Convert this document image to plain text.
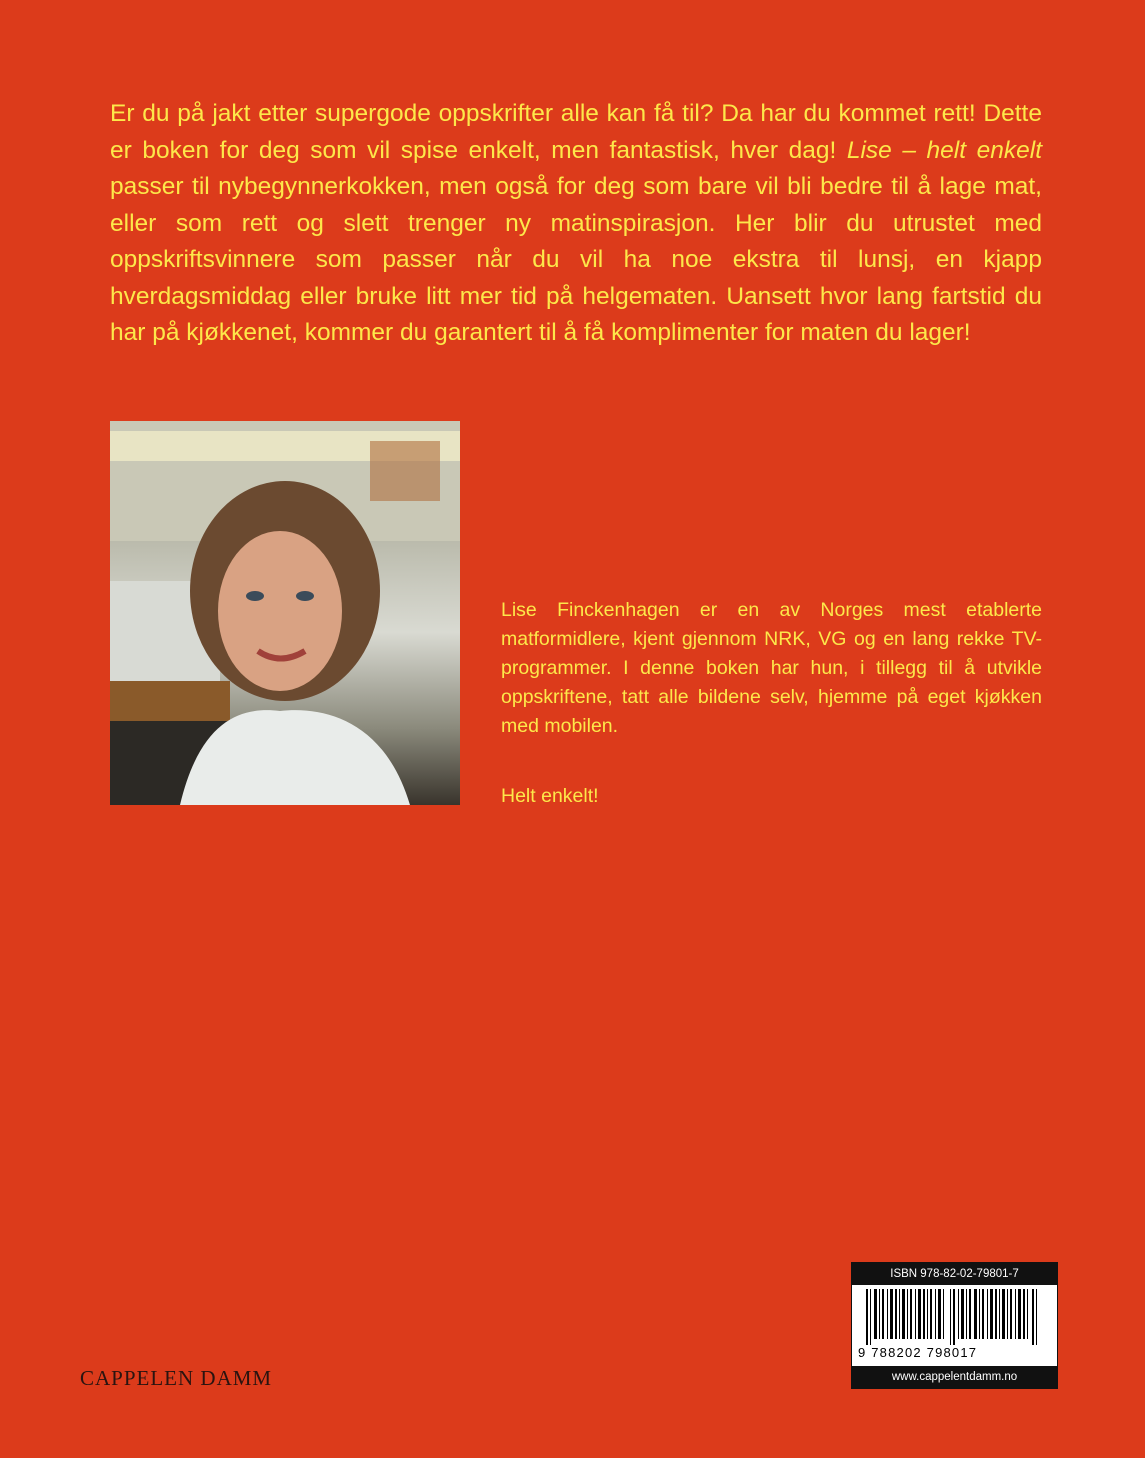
Er du på jakt etter supergode oppskrifter alle kan få til? Da har du kommet rett! Dette er boken for deg som vil spise enkelt, men fantastisk, hver dag! Lise – helt enkelt passer til nybegynnerkokken, men også for deg som bare vil bli bedre til å lage mat, eller som rett og slett trenger ny matinspirasjon. Her blir du utrustet med oppskriftsvinnere som passer når du vil ha noe ekstra til lunsj, en kjapp hverdagsmiddag eller bruke litt mer tid på helgematen. Uansett hvor lang fartstid du har på kjøkkenet, kommer du garantert til å få komplimenter for maten du lager!

Lise Finckenhagen er en av Norges mest etablerte matformidlere, kjent gjennom NRK, VG og en lang rekke TV-programmer. I denne boken har hun, i tillegg til å utvikle oppskriftene, tatt alle bildene selv, hjemme på eget kjøkken med mobilen.

Helt enkelt!

CAPPELEN DAMM
ISBN 978-82-02-79801-7
9 788202 798017
www.cappelentdamm.no
